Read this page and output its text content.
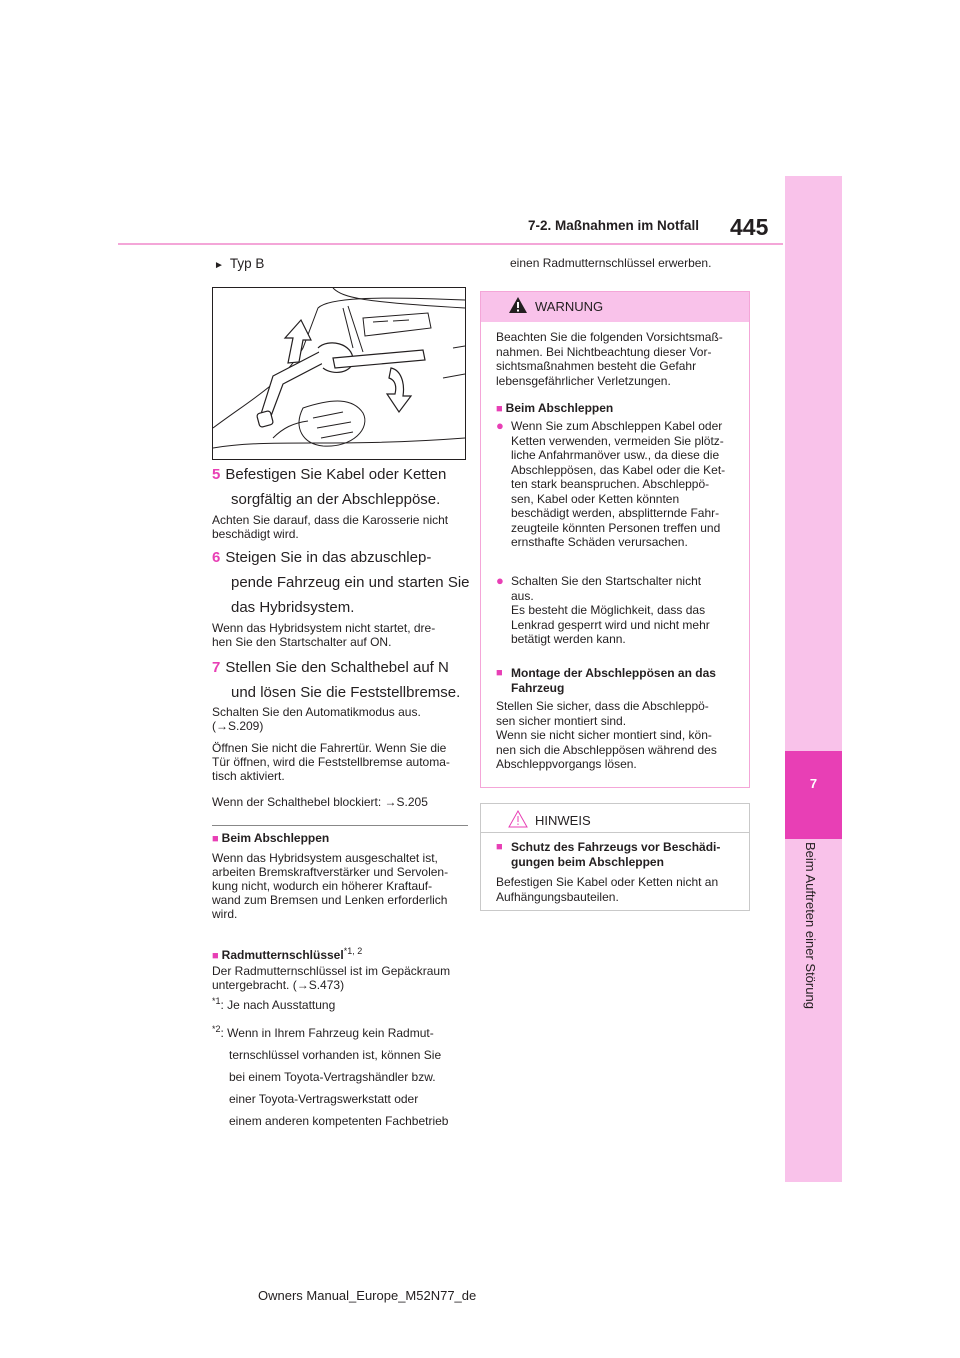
7-2. Maßnahmen im Notfall 445
7
Beim Auftreten einer Störung
► Typ B
5 Befestigen Sie Kabel oder Ketten
sorgfältig an der Abschleppöse.
Achten Sie darauf, dass die Karosserie nicht
beschädigt wird.
6 Steigen Sie in das abzuschlep-
pende Fahrzeug ein und starten Sie
das Hybridsystem.
Wenn das Hybridsystem nicht startet, dre-
hen Sie den Startschalter auf ON.
7 Stellen Sie den Schalthebel auf N
und lösen Sie die Feststellbremse.
Schalten Sie den Automatikmodus aus.
(→S.209)
Öffnen Sie nicht die Fahrertür. Wenn Sie die
Tür öffnen, wird die Feststellbremse automa-
tisch aktiviert.
Wenn der Schalthebel blockiert: →S.205
■ Beim Abschleppen
Wenn das Hybridsystem ausgeschaltet ist,
arbeiten Bremskraftverstärker und Servolen-
kung nicht, wodurch ein höherer Kraftauf-
wand zum Bremsen und Lenken erforderlich
wird.
■ Radmutternschlüssel$^{*1, 2}$
Der Radmutternschlüssel ist im Gepäckraum
untergebracht. (→S.473)
$^{*1}$: Je nach Ausstattung
$^{*2}$: Wenn in Ihrem Fahrzeug kein Radmut-
ternschlüssel vorhanden ist, können Sie
bei einem Toyota-Vertragshändler bzw.
einer Toyota-Vertragswerkstatt oder
einem anderen kompetenten Fachbetrieb
einen Radmutternschlüssel erwerben.
WARNUNG
Beachten Sie die folgenden Vorsichtsmaß-
nahmen. Bei Nichtbeachtung dieser Vor-
sichtsmaßnahmen besteht die Gefahr
lebensgefährlicher Verletzungen.
■ Beim Abschleppen
● Wenn Sie zum Abschleppen Kabel oder
Ketten verwenden, vermeiden Sie plötz-
liche Anfahrmanöver usw., da diese die
Abschleppösen, das Kabel oder die Ket-
ten stark beanspruchen. Abschleppö-
sen, Kabel oder Ketten könnten
beschädigt werden, absplitternde Fahr-
zeugteile könnten Personen treffen und
ernsthafte Schäden verursachen.
● Schalten Sie den Startschalter nicht
aus.
Es besteht die Möglichkeit, dass das
Lenkrad gesperrt wird und nicht mehr
betätigt werden kann.
■ Montage der Abschleppösen an das
Fahrzeug
Stellen Sie sicher, dass die Abschleppö-
sen sicher montiert sind.
Wenn sie nicht sicher montiert sind, kön-
nen sich die Abschleppösen während des
Abschleppvorgangs lösen.
HINWEIS
■ Schutz des Fahrzeugs vor Beschädi-
gungen beim Abschleppen
Befestigen Sie Kabel oder Ketten nicht an
Aufhängungsbauteilen.
Owners Manual_Europe_M52N77_de
